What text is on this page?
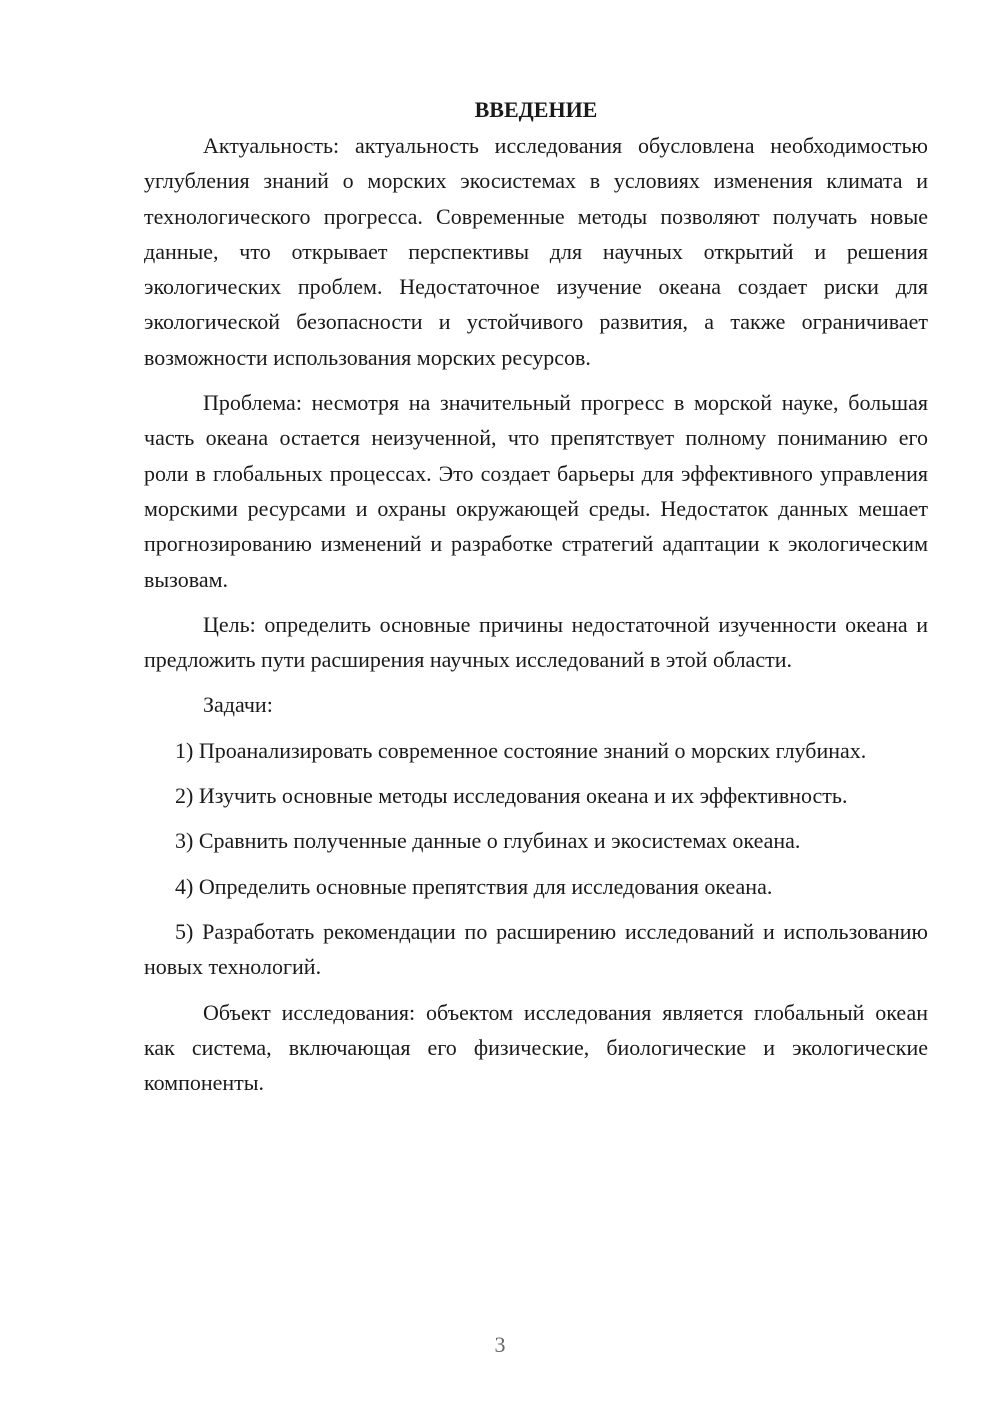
ВВЕДЕНИЕ

Актуальность: актуальность исследования обусловлена необходимостью углубления знаний о морских экосистемах в условиях изменения климата и технологического прогресса. Современные методы позволяют получать новые данные, что открывает перспективы для научных открытий и решения экологических проблем. Недостаточное изучение океана создает риски для экологической безопасности и устойчивого развития, а также ограничивает возможности использования морских ресурсов.

Проблема: несмотря на значительный прогресс в морской науке, большая часть океана остается неизученной, что препятствует полному пониманию его роли в глобальных процессах. Это создает барьеры для эффективного управления морскими ресурсами и охраны окружающей среды. Недостаток данных мешает прогнозированию изменений и разработке стратегий адаптации к экологическим вызовам.

Цель: определить основные причины недостаточной изученности океана и предложить пути расширения научных исследований в этой области.

Задачи:

1) Проанализировать современное состояние знаний о морских глубинах.

2) Изучить основные методы исследования океана и их эффективность.

3) Сравнить полученные данные о глубинах и экосистемах океана.

4) Определить основные препятствия для исследования океана.

5) Разработать рекомендации по расширению исследований и использованию новых технологий.

Объект исследования: объектом исследования является глобальный океан как система, включающая его физические, биологические и экологические компоненты.

3
